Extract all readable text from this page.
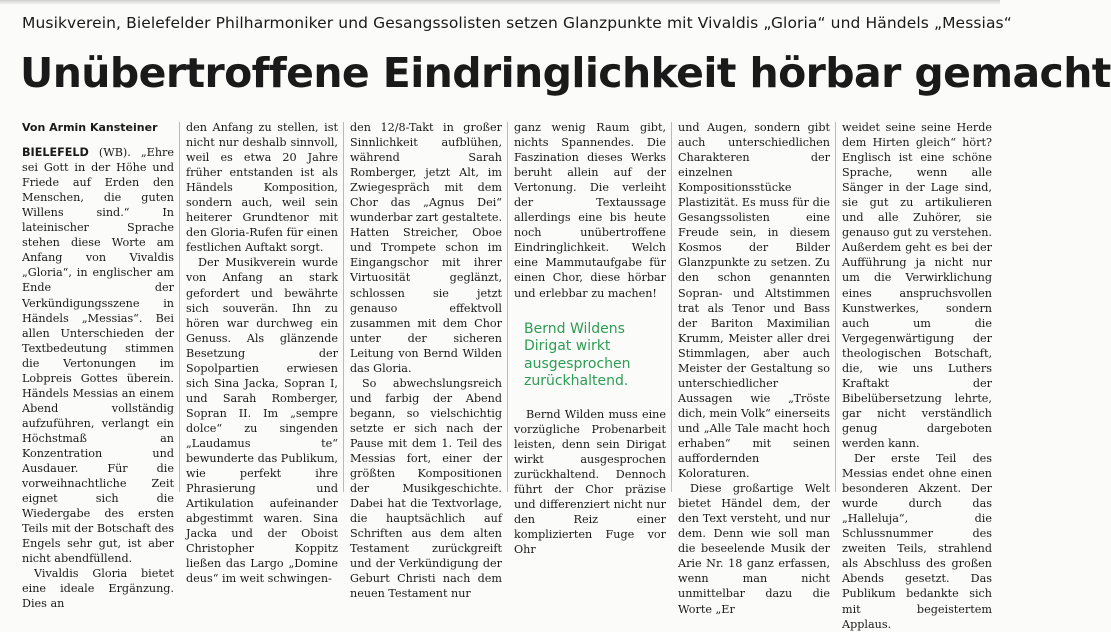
Musikverein, Bielefelder Philharmoniker und Gesangssolisten setzen Glanzpunkte mit Vivaldis „Gloria“ und Händels „Messias“
Unübertroffene Eindringlichkeit hörbar gemacht

Von Armin Kansteiner

BIELEFELD (WB). „Ehre sei Gott in der Höhe und Friede auf Erden den Menschen, die guten Willens sind.“ In lateinischer Sprache stehen diese Worte am Anfang von Vivaldis „Gloria“, in englischer am Ende der Verkündigungsszene in Händels „Messias“. Bei allen Unterschieden der Textbedeutung stimmen die Vertonungen im Lobpreis Gottes überein. Händels Messias an einem Abend vollständig aufzuführen, verlangt ein Höchstmaß an Konzentration und Ausdauer. Für die vorweihnachtliche Zeit eignet sich die Wiedergabe des ersten Teils mit der Botschaft des Engels sehr gut, ist aber nicht abendfüllend.

Vivaldis Gloria bietet eine ideale Ergänzung. Dies an

den Anfang zu stellen, ist nicht nur deshalb sinnvoll, weil es etwa 20 Jahre früher entstanden ist als Händels Komposition, sondern auch, weil sein heiterer Grundtenor mit den Gloria-Rufen für einen festlichen Auftakt sorgt.

Der Musikverein wurde von Anfang an stark gefordert und bewährte sich souverän. Ihn zu hören war durchweg ein Genuss. Als glänzende Besetzung der Sopolpartien erwiesen sich Sina Jacka, Sopran I, und Sarah Romberger, Sopran II. Im „sempre dolce“ zu singenden „Laudamus te“ bewunderte das Publikum, wie perfekt ihre Phrasierung und Artikulation aufeinander abgestimmt waren. Sina Jacka und der Oboist Christopher Koppitz ließen das Largo „Domine deus“ im weit schwingen-

den 12/8-Takt in großer Sinnlichkeit aufblühen, während Sarah Romberger, jetzt Alt, im Zwiegespräch mit dem Chor das „Agnus Dei“ wunderbar zart gestaltete. Hatten Streicher, Oboe und Trompete schon im Eingangschor mit ihrer Virtuosität geglänzt, schlossen sie jetzt genauso effektvoll zusammen mit dem Chor unter der sicheren Leitung von Bernd Wilden das Gloria.

So abwechslungsreich und farbig der Abend begann, so vielschichtig setzte er sich nach der Pause mit dem 1. Teil des Messias fort, einer der größten Kompositionen der Musikgeschichte. Dabei hat die Textvorlage, die hauptsächlich auf Schriften aus dem alten Testament zurückgreift und der Verkündigung der Geburt Christi nach dem neuen Testament nur

ganz wenig Raum gibt, nichts Spannendes. Die Faszination dieses Werks beruht allein auf der Vertonung. Die verleiht der Textaussage allerdings eine bis heute noch unübertroffene Eindringlichkeit. Welch eine Mammutaufgabe für einen Chor, diese hörbar und erlebbar zu machen!

Bernd Wildens Dirigat wirkt ausgesprochen zurückhaltend.

Bernd Wilden muss eine vorzügliche Probenarbeit leisten, denn sein Dirigat wirkt ausgesprochen zurückhaltend. Dennoch führt der Chor präzise und differenziert nicht nur den Reiz einer komplizierten Fuge vor Ohr

und Augen, sondern gibt auch unterschiedlichen Charakteren der einzelnen Kompositionsstücke Plastizität. Es muss für die Gesangssolisten eine Freude sein, in diesem Kosmos der Bilder Glanzpunkte zu setzen. Zu den schon genannten Sopran- und Altstimmen trat als Tenor und Bass der Bariton Maximilian Krumm, Meister aller drei Stimmlagen, aber auch Meister der Gestaltung so unterschiedlicher Aussagen wie „Tröste dich, mein Volk“ einerseits und „Alle Tale macht hoch erhaben“ mit seinen auffordernden Koloraturen.

Diese großartige Welt bietet Händel dem, der den Text versteht, und nur dem. Denn wie soll man die beseelende Musik der Arie Nr. 18 ganz erfassen, wenn man nicht unmittelbar dazu die Worte „Er

weidet seine seine Herde dem Hirten gleich“ hört? Englisch ist eine schöne Sprache, wenn alle Sänger in der Lage sind, sie gut zu artikulieren und alle Zuhörer, sie genauso gut zu verstehen. Außerdem geht es bei der Aufführung ja nicht nur um die Verwirklichung eines anspruchsvollen Kunstwerkes, sondern auch um die Vergegenwärtigung der theologischen Botschaft, die, wie uns Luthers Kraftakt der Bibelübersetzung lehrte, gar nicht verständlich genug dargeboten werden kann.

Der erste Teil des Messias endet ohne einen besonderen Akzent. Der wurde durch das „Halleluja“, die Schlussnummer des zweiten Teils, strahlend als Abschluss des großen Abends gesetzt. Das Publikum bedankte sich mit begeistertem Applaus.
